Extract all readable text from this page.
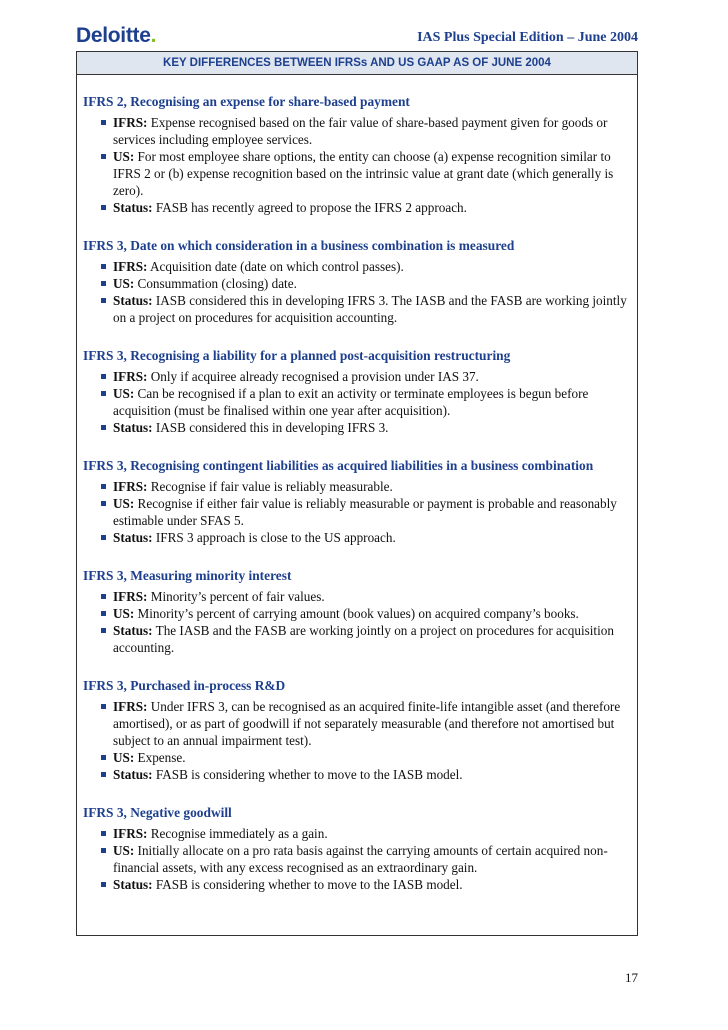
Deloitte.	IAS Plus Special Edition – June 2004
KEY DIFFERENCES BETWEEN IFRSs AND US GAAP AS OF JUNE 2004
IFRS 2, Recognising an expense for share-based payment
IFRS: Expense recognised based on the fair value of share-based payment given for goods or services including employee services.
US: For most employee share options, the entity can choose (a) expense recognition similar to IFRS 2 or (b) expense recognition based on the intrinsic value at grant date (which generally is zero).
Status: FASB has recently agreed to propose the IFRS 2 approach.
IFRS 3, Date on which consideration in a business combination is measured
IFRS: Acquisition date (date on which control passes).
US: Consummation (closing) date.
Status: IASB considered this in developing IFRS 3. The IASB and the FASB are working jointly on a project on procedures for acquisition accounting.
IFRS 3, Recognising a liability for a planned post-acquisition restructuring
IFRS: Only if acquiree already recognised a provision under IAS 37.
US: Can be recognised if a plan to exit an activity or terminate employees is begun before acquisition (must be finalised within one year after acquisition).
Status: IASB considered this in developing IFRS 3.
IFRS 3, Recognising contingent liabilities as acquired liabilities in a business combination
IFRS: Recognise if fair value is reliably measurable.
US: Recognise if either fair value is reliably measurable or payment is probable and reasonably estimable under SFAS 5.
Status: IFRS 3 approach is close to the US approach.
IFRS 3, Measuring minority interest
IFRS: Minority’s percent of fair values.
US: Minority’s percent of carrying amount (book values) on acquired company’s books.
Status: The IASB and the FASB are working jointly on a project on procedures for acquisition accounting.
IFRS 3, Purchased in-process R&D
IFRS: Under IFRS 3, can be recognised as an acquired finite-life intangible asset (and therefore amortised), or as part of goodwill if not separately measurable (and therefore not amortised but subject to an annual impairment test).
US: Expense.
Status: FASB is considering whether to move to the IASB model.
IFRS 3, Negative goodwill
IFRS: Recognise immediately as a gain.
US: Initially allocate on a pro rata basis against the carrying amounts of certain acquired non-financial assets, with any excess recognised as an extraordinary gain.
Status: FASB is considering whether to move to the IASB model.
17
